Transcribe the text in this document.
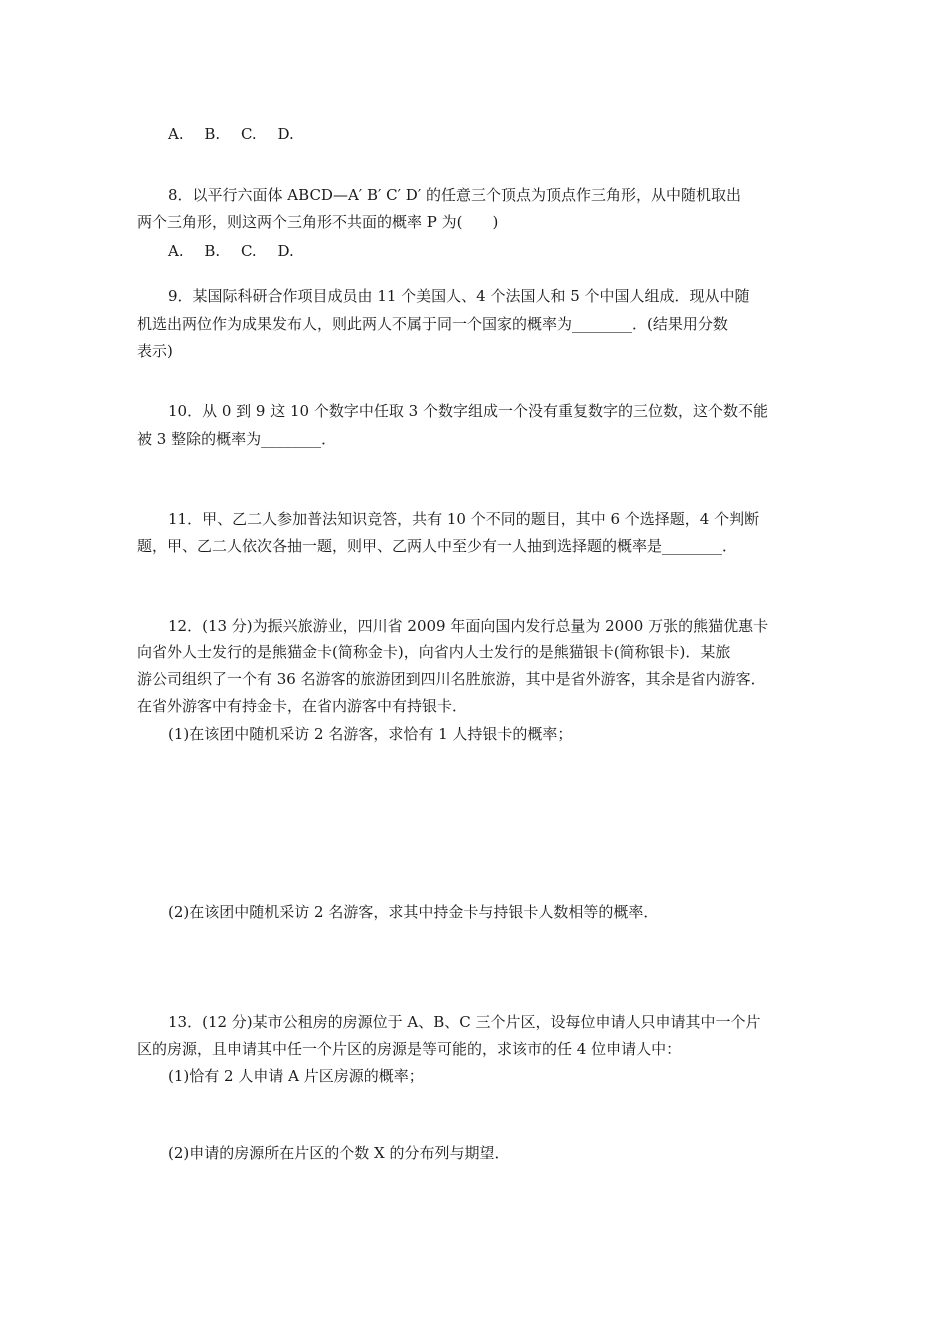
A. B. C. D.
8．以平行六面体 ABCD—A′ B′ C′ D′ 的任意三个顶点为顶点作三角形，从中随机取出
两个三角形，则这两个三角形不共面的概率 P 为(　　)
A. B. C. D.
9．某国际科研合作项目成员由 11 个美国人、4 个法国人和 5 个中国人组成．现从中随
机选出两位作为成果发布人，则此两人不属于同一个国家的概率为________．(结果用分数
表示)
10．从 0 到 9 这 10 个数字中任取 3 个数字组成一个没有重复数字的三位数，这个数不能
被 3 整除的概率为________．
11．甲、乙二人参加普法知识竞答，共有 10 个不同的题目，其中 6 个选择题，4 个判断
题，甲、乙二人依次各抽一题，则甲、乙两人中至少有一人抽到选择题的概率是________．
12．(13 分)为振兴旅游业，四川省 2009 年面向国内发行总量为 2000 万张的熊猫优惠卡
向省外人士发行的是熊猫金卡(简称金卡)，向省内人士发行的是熊猫银卡(简称银卡)．某旅
游公司组织了一个有 36 名游客的旅游团到四川名胜旅游，其中是省外游客，其余是省内游客．
在省外游客中有持金卡，在省内游客中有持银卡．
(1)在该团中随机采访 2 名游客，求恰有 1 人持银卡的概率；
(2)在该团中随机采访 2 名游客，求其中持金卡与持银卡人数相等的概率．
13．(12 分)某市公租房的房源位于 A、B、C 三个片区，设每位申请人只申请其中一个片
区的房源，且申请其中任一个片区的房源是等可能的，求该市的任 4 位申请人中：
(1)恰有 2 人申请 A 片区房源的概率；
(2)申请的房源所在片区的个数 X 的分布列与期望．
